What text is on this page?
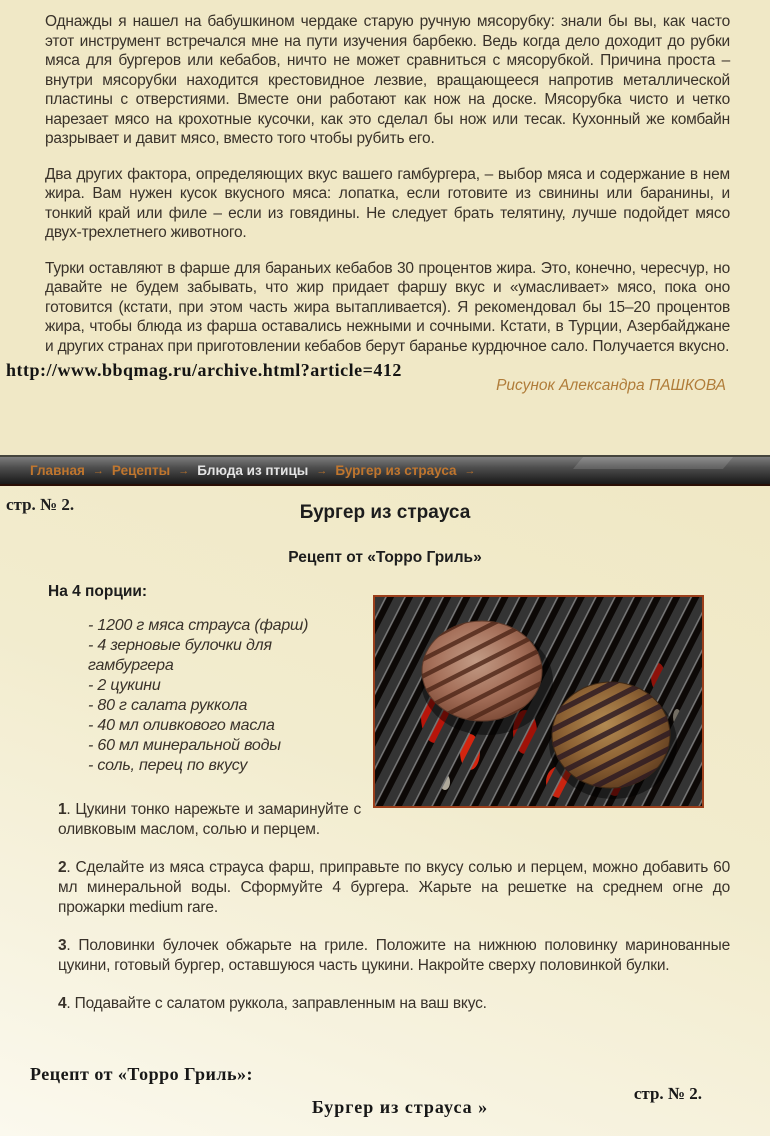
Однажды я нашел на бабушкином чердаке старую ручную мясорубку: знали бы вы, как часто этот инструмент встречался мне на пути изучения барбекю. Ведь когда дело доходит до рубки мяса для бургеров или кебабов, ничто не может сравниться с мясорубкой. Причина проста – внутри мясорубки находится крестовидное лезвие, вращающееся напротив металлической пластины с отверстиями. Вместе они работают как нож на доске. Мясорубка чисто и четко нарезает мясо на крохотные кусочки, как это сделал бы нож или тесак. Кухонный же комбайн разрывает и давит мясо, вместо того чтобы рубить его.

Два других фактора, определяющих вкус вашего гамбургера, – выбор мяса и содержание в нем жира. Вам нужен кусок вкусного мяса: лопатка, если готовите из свинины или баранины, и тонкий край или филе – если из говядины. Не следует брать телятину, лучше подойдет мясо двух-трехлетнего животного.

Турки оставляют в фарше для бараньих кебабов 30 процентов жира. Это, конечно, чересчур, но давайте не будем забывать, что жир придает фаршу вкус и «умасливает» мясо, пока оно готовится (кстати, при этом часть жира вытапливается). Я рекомендовал бы 15–20 процентов жира, чтобы блюда из фарша оставались нежными и сочными. Кстати, в Турции, Азербайджане и других странах при приготовлении кебабов берут баранье курдючное сало. Получается вкусно.

http://www.bbqmag.ru/archive.html?article=412
Рисунок Александра ПАШКОВА
Главная → Рецепты → Блюда из птицы → Бургер из страуса →
стр. № 2.	Бургер из страуса
Рецепт от «Торро Гриль»
На 4 порции:
- 1200 г мяса страуса (фарш)
- 4 зерновые булочки для гамбургера
- 2 цукини
- 80 г салата руккола
- 40 мл оливкового масла
- 60 мл минеральной воды
- соль, перец по вкусу

1. Цукини тонко нарежьте и замаринуйте с оливковым маслом, солью и перцем.

2. Сделайте из мяса страуса фарш, приправьте по вкусу солью и перцем, можно добавить 60 мл минеральной воды. Сформуйте 4 бургера. Жарьте на решетке на среднем огне до прожарки medium rare.

3. Половинки булочек обжарьте на гриле. Положите на нижнюю половинку маринованные цукини, готовый бургер, оставшуюся часть цукини. Накройте сверху половинкой булки.

4. Подавайте с салатом руккола, заправленным на ваш вкус.

Рецепт от «Торро Гриль»:
Бургер из страуса »
стр. № 2.
